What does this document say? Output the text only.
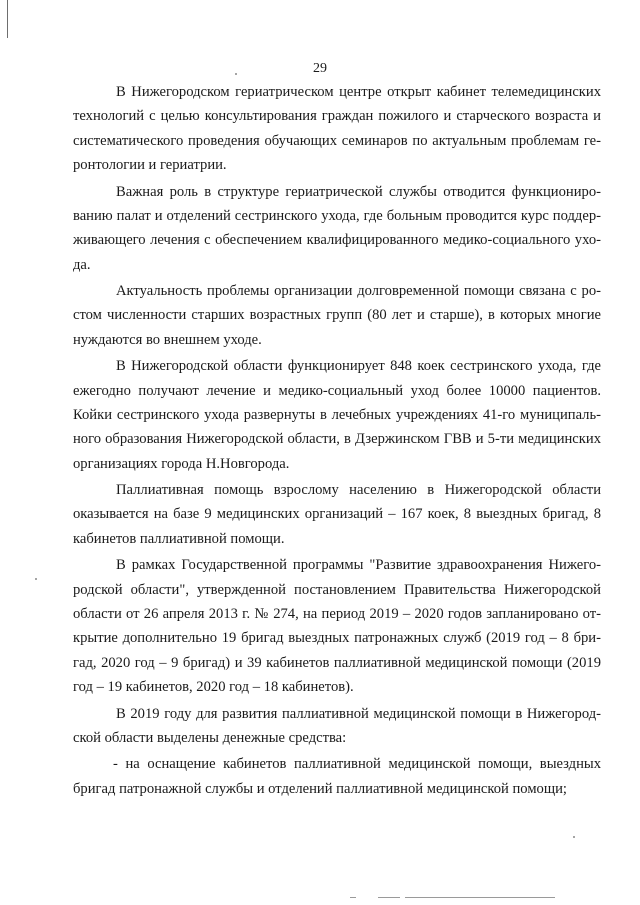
29

В Нижегородском гериатрическом центре открыт кабинет телемедицинских технологий с целью консультирования граждан пожилого и старческого возраста и систематического проведения обучающих семинаров по актуальным проблемам геронтологии и гериатрии.

Важная роль в структуре гериатрической службы отводится функционированию палат и отделений сестринского ухода, где больным проводится курс поддерживающего лечения с обеспечением квалифицированного медико-социального ухода.

Актуальность проблемы организации долговременной помощи связана с ростом численности старших возрастных групп (80 лет и старше), в которых многие нуждаются во внешнем уходе.

В Нижегородской области функционирует 848 коек сестринского ухода, где ежегодно получают лечение и медико-социальный уход более 10000 пациентов. Койки сестринского ухода развернуты в лечебных учреждениях 41-го муниципального образования Нижегородской области, в Дзержинском ГВВ и 5-ти медицинских организациях города Н.Новгорода.

Паллиативная помощь взрослому населению в Нижегородской области оказывается на базе 9 медицинских организаций – 167 коек, 8 выездных бригад, 8 кабинетов паллиативной помощи.

В рамках Государственной программы "Развитие здравоохранения Нижегородской области", утвержденной постановлением Правительства Нижегородской области от 26 апреля 2013 г. № 274, на период 2019 – 2020 годов запланировано открытие дополнительно 19 бригад выездных патронажных служб (2019 год – 8 бригад, 2020 год – 9 бригад) и 39 кабинетов паллиативной медицинской помощи (2019 год – 19 кабинетов, 2020 год – 18 кабинетов).

В 2019 году для развития паллиативной медицинской помощи в Нижегородской области выделены денежные средства:

- на оснащение кабинетов паллиативной медицинской помощи, выездных бригад патронажной службы и отделений паллиативной медицинской помощи;
